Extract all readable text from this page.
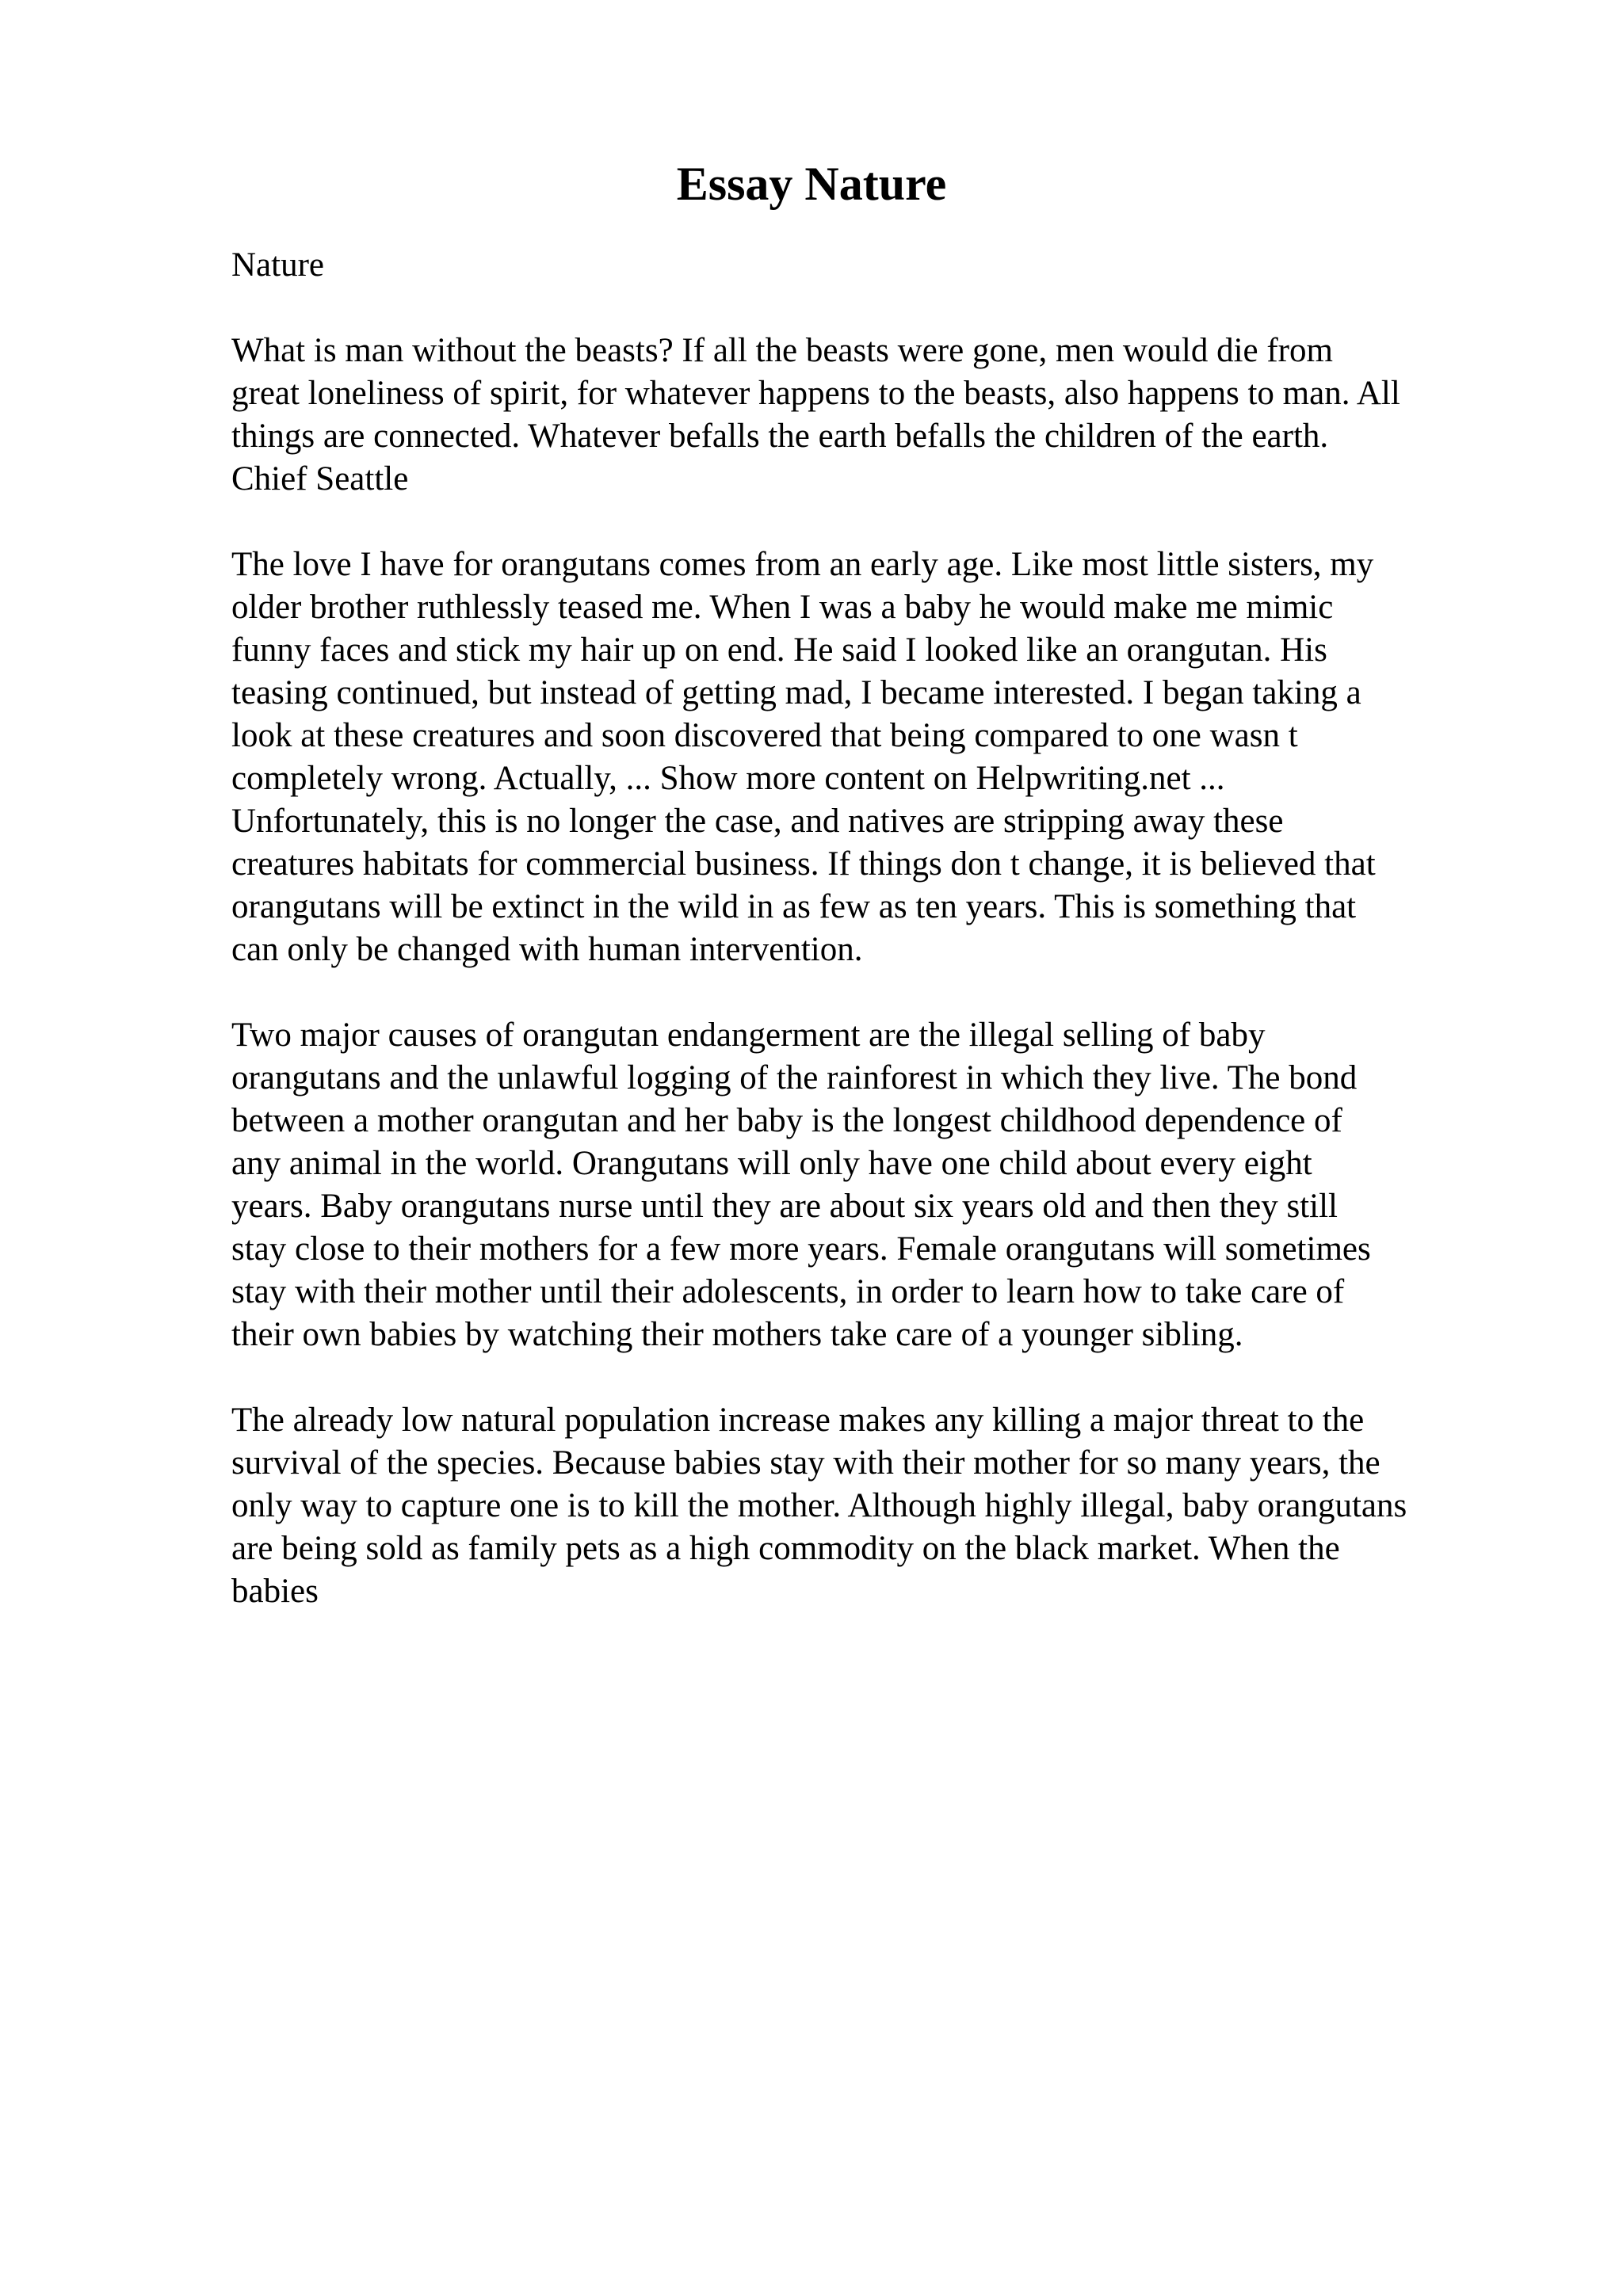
Essay Nature

Nature

What is man without the beasts? If all the beasts were gone, men would die from

great loneliness of spirit, for whatever happens to the beasts, also happens to man. All

things are connected. Whatever befalls the earth befalls the children of the earth.

Chief Seattle

The love I have for orangutans comes from an early age. Like most little sisters, my

older brother ruthlessly teased me. When I was a baby he would make me mimic

funny faces and stick my hair up on end. He said I looked like an orangutan. His

teasing continued, but instead of getting mad, I became interested. I began taking a

look at these creatures and soon discovered that being compared to one wasn t

completely wrong. Actually, ... Show more content on Helpwriting.net ...

Unfortunately, this is no longer the case, and natives are stripping away these

creatures habitats for commercial business. If things don t change, it is believed that

orangutans will be extinct in the wild in as few as ten years. This is something that

can only be changed with human intervention.

Two major causes of orangutan endangerment are the illegal selling of baby

orangutans and the unlawful logging of the rainforest in which they live. The bond

between a mother orangutan and her baby is the longest childhood dependence of

any animal in the world. Orangutans will only have one child about every eight

years. Baby orangutans nurse until they are about six years old and then they still

stay close to their mothers for a few more years. Female orangutans will sometimes

stay with their mother until their adolescents, in order to learn how to take care of

their own babies by watching their mothers take care of a younger sibling.

The already low natural population increase makes any killing a major threat to the

survival of the species. Because babies stay with their mother for so many years, the

only way to capture one is to kill the mother. Although highly illegal, baby orangutans

are being sold as family pets as a high commodity on the black market. When the

babies
